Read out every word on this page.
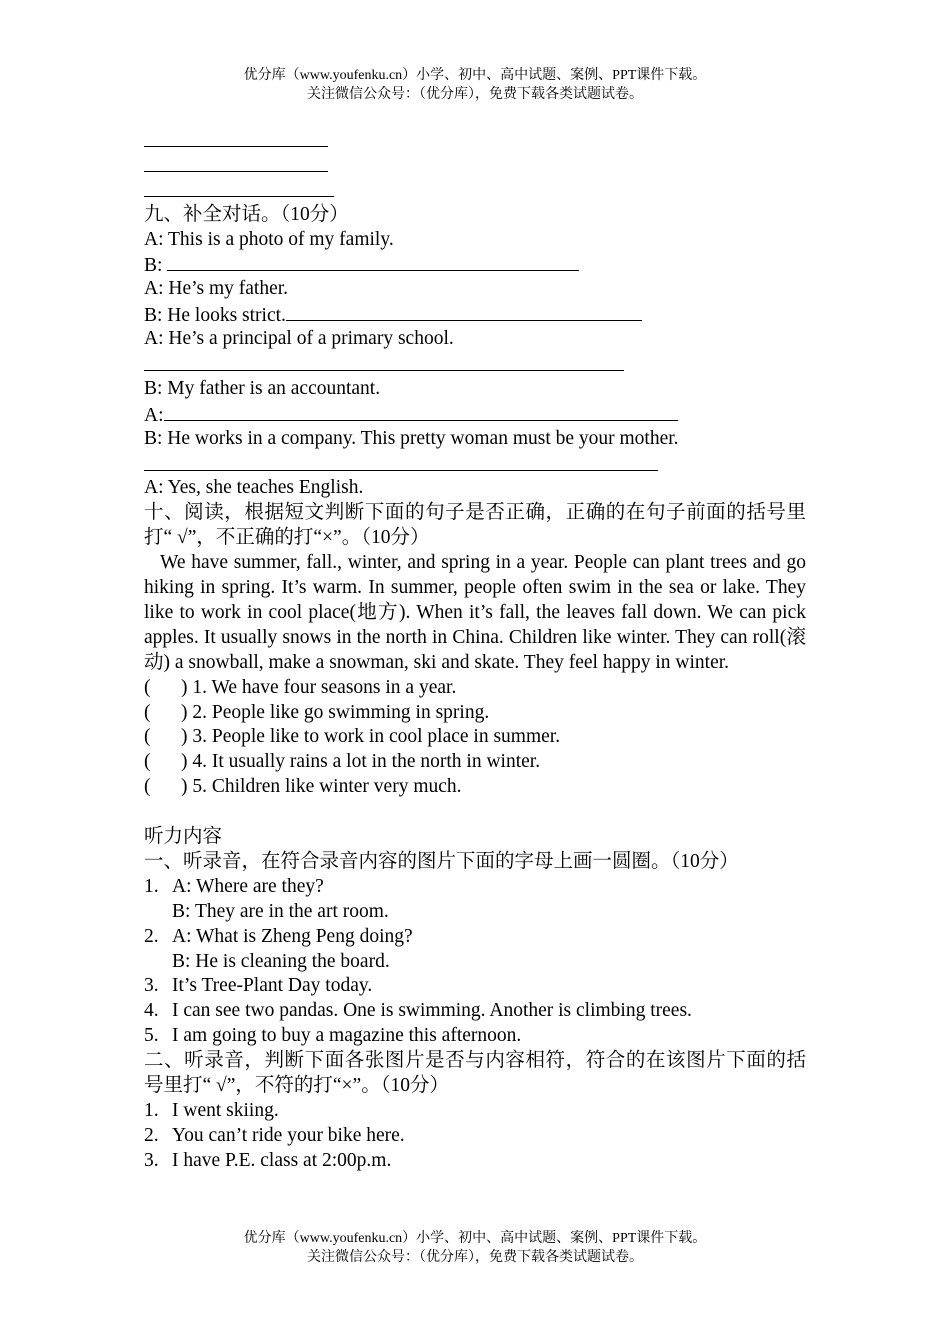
优分库（www.youfenku.cn）小学、初中、高中试题、案例、PPT课件下载。
关注微信公众号：（优分库），免费下载各类试题试卷。
九、补全对话。（10分）
A: This is a photo of my family.
B:
A: He’s my father.
B: He looks strict.
A: He’s a principal of a primary school.
B: My father is an accountant.
A:
B: He works in a company. This pretty woman must be your mother.
A: Yes, she teaches English.
十、阅读，根据短文判断下面的句子是否正确，正确的在句子前面的括号里打“ √”，不正确的打“×”。（10分）
We have summer, fall., winter, and spring in a year. People can plant trees and go hiking in spring. It’s warm. In summer, people often swim in the sea or lake. They like to work in cool place(地方). When it’s fall, the leaves fall down. We can pick apples. It usually snows in the north in China. Children like winter. They can roll(滚动) a snowball, make a snowman, ski and skate. They feel happy in winter.
( ) 1. We have four seasons in a year.
( ) 2. People like go swimming in spring.
( ) 3. People like to work in cool place in summer.
( ) 4. It usually rains a lot in the north in winter.
( ) 5. Children like winter very much.
听力内容
一、听录音，在符合录音内容的图片下面的字母上画一圆圈。（10分）
1. A: Where are they?
B: They are in the art room.
2. A: What is Zheng Peng doing?
B: He is cleaning the board.
3. It’s Tree-Plant Day today.
4. I can see two pandas. One is swimming. Another is climbing trees.
5. I am going to buy a magazine this afternoon.
二、听录音，判断下面各张图片是否与内容相符，符合的在该图片下面的括号里打“ √”，不符的打“×”。（10分）
1. I went skiing.
2. You can’t ride your bike here.
3. I have P.E. class at 2:00p.m.
优分库（www.youfenku.cn）小学、初中、高中试题、案例、PPT课件下载。
关注微信公众号：（优分库），免费下载各类试题试卷。
